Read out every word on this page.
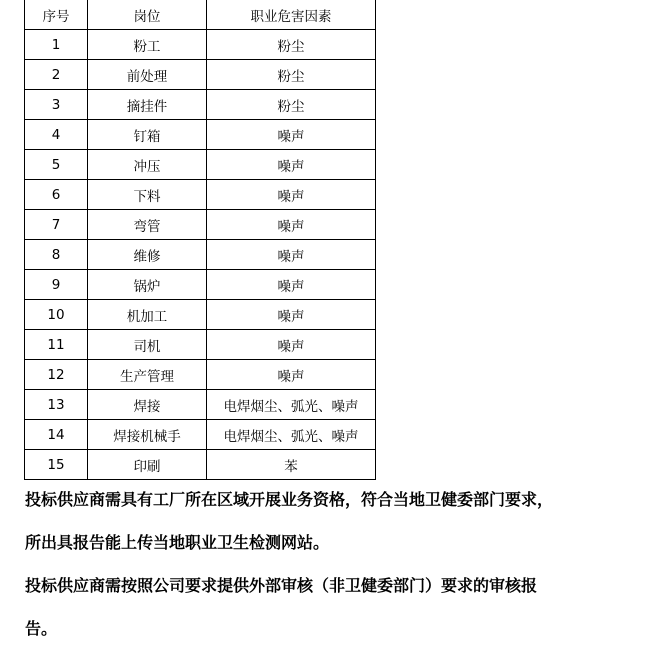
序号	岗位	职业危害因素
1	粉工	粉尘
2	前处理	粉尘
3	摘挂件	粉尘
4	钉箱	噪声
5	冲压	噪声
6	下料	噪声
7	弯管	噪声
8	维修	噪声
9	锅炉	噪声
10	机加工	噪声
11	司机	噪声
12	生产管理	噪声
13	焊接	电焊烟尘、弧光、噪声
14	焊接机械手	电焊烟尘、弧光、噪声
15	印刷	苯
投标供应商需具有工厂所在区域开展业务资格，符合当地卫健委部门要求，
所出具报告能上传当地职业卫生检测网站。
投标供应商需按照公司要求提供外部审核（非卫健委部门）要求的审核报
告。
